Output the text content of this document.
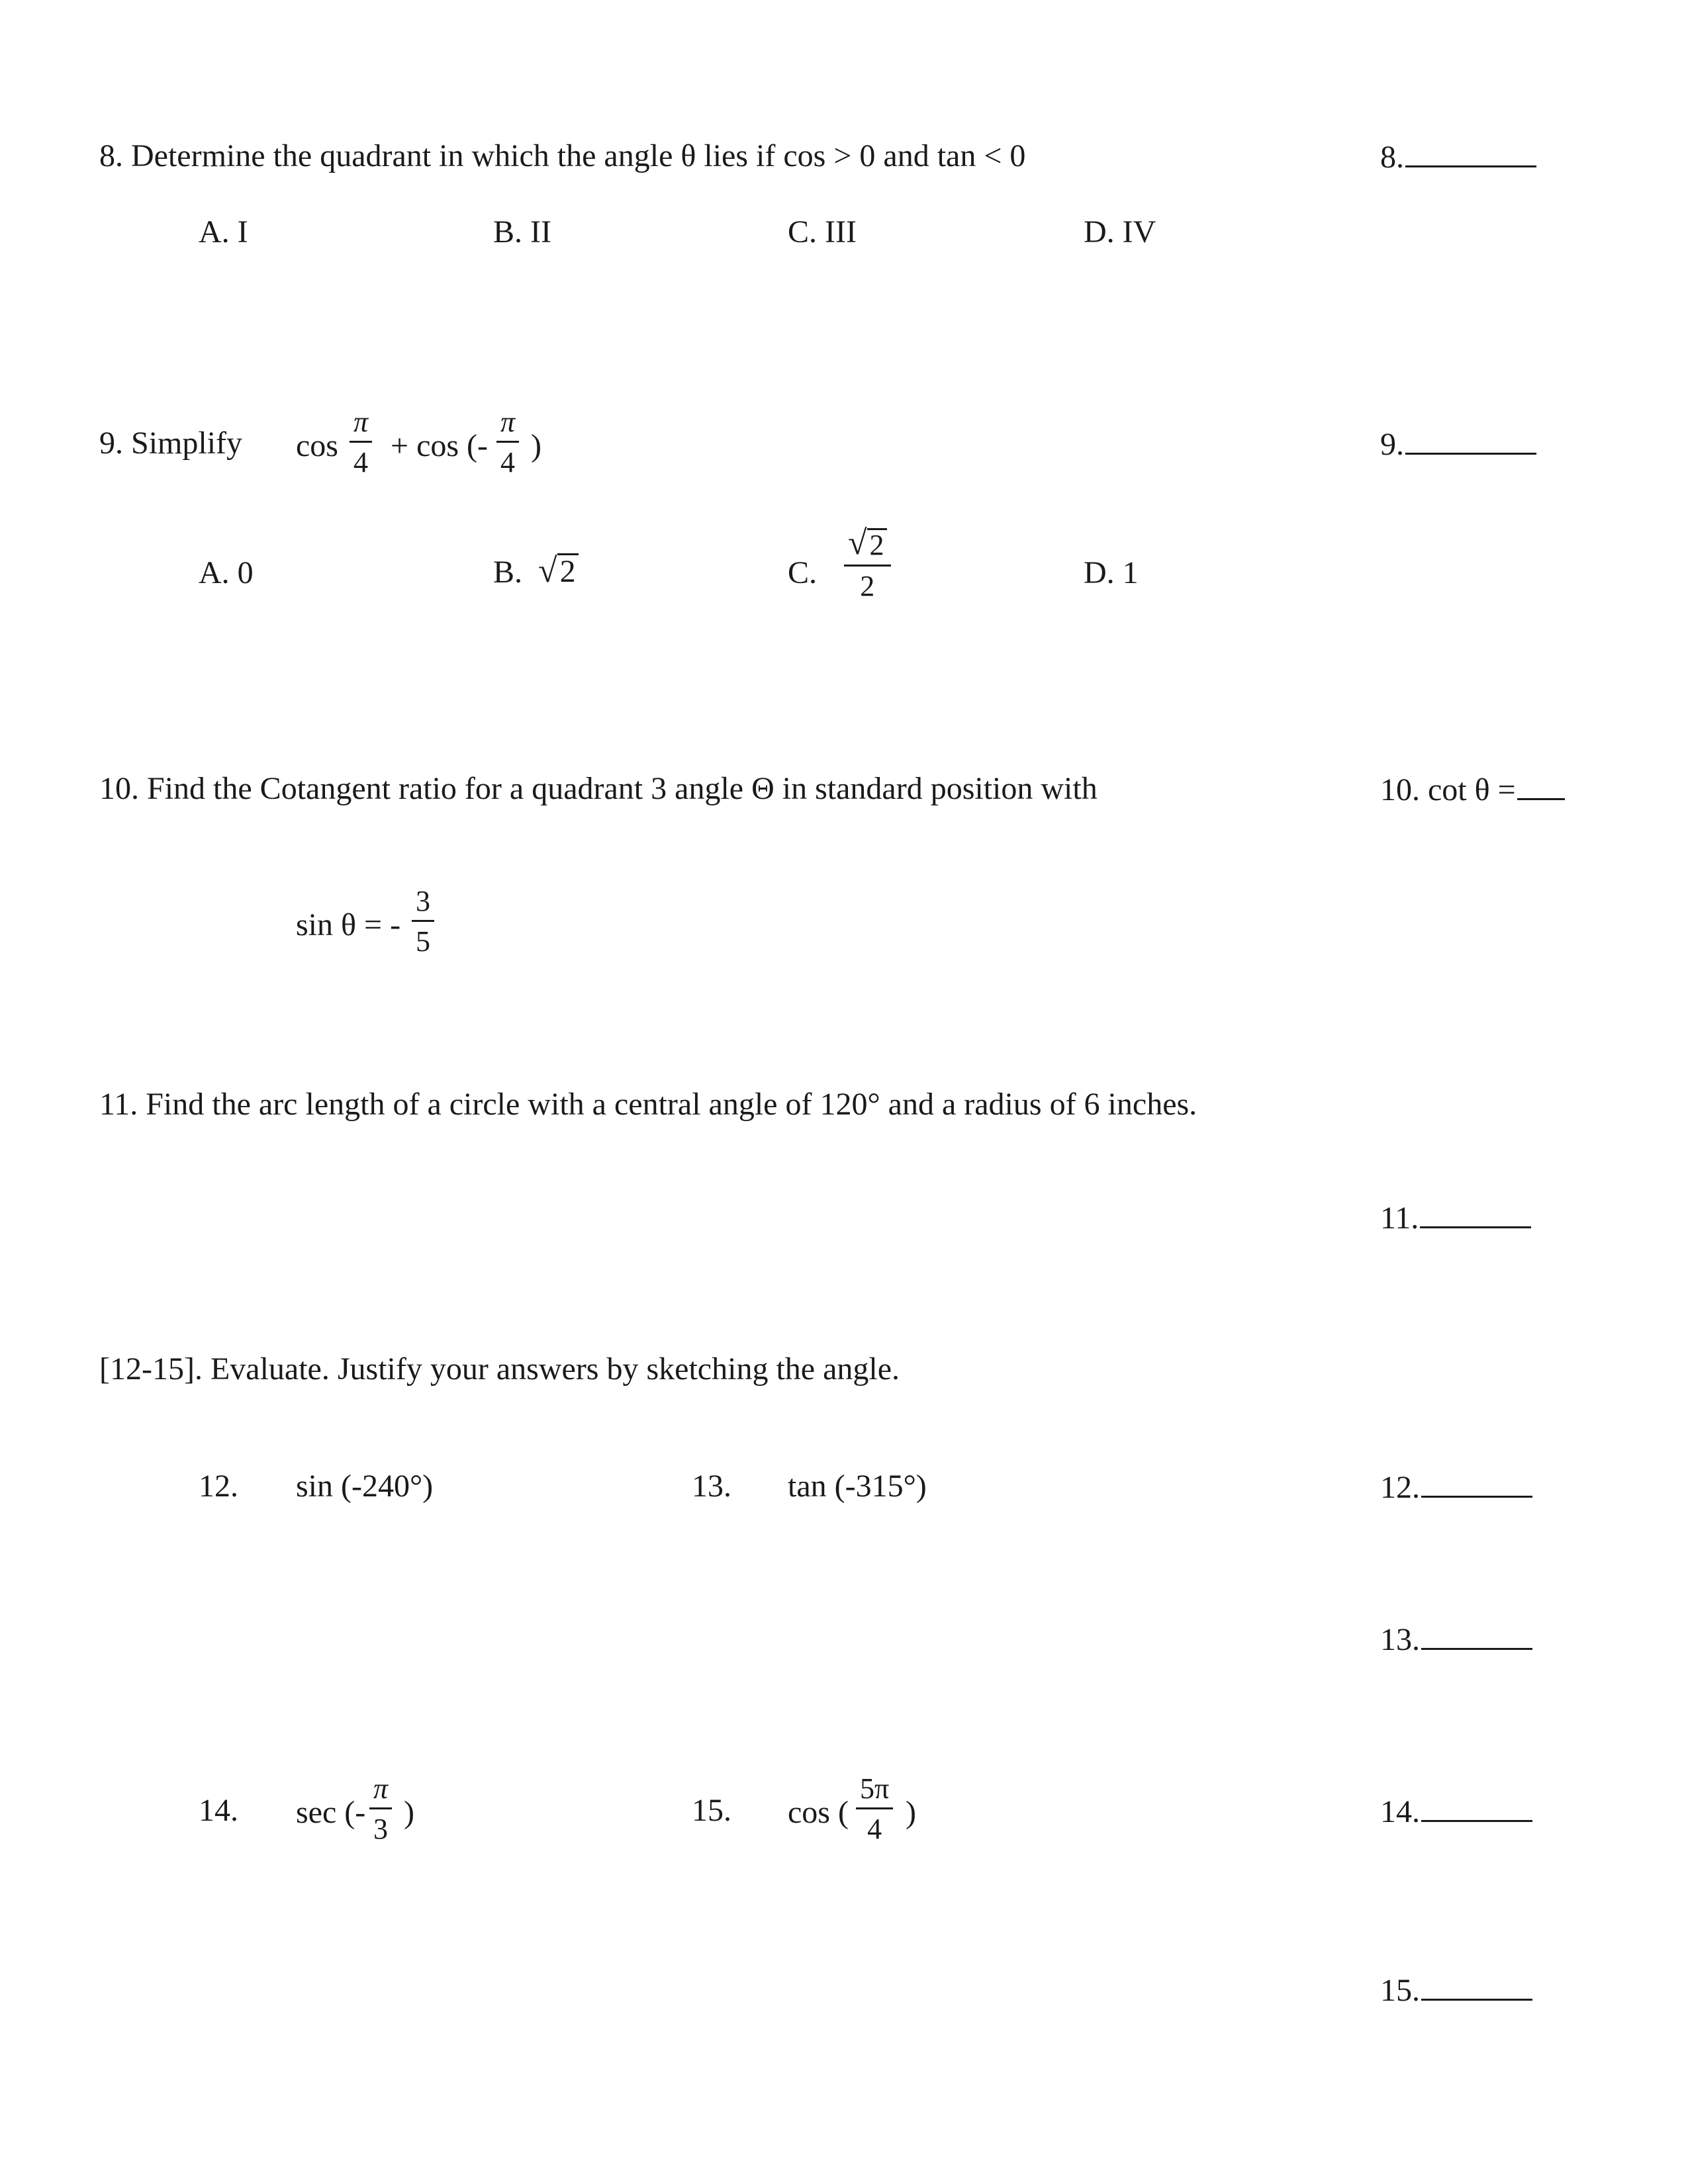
8. Determine the quadrant in which the angle θ lies if cos > 0 and tan < 0	8.
A. I	B. II	C. III	D. IV
9. Simplify cos
π
4 + cos (-
π
4 )	9.
A. 0	B. √ 2	C.
√ 2
2	D. 1
10. Find the Cotangent ratio for a quadrant 3 angle Θ in standard position with	10. cot θ =
sin θ = -
3
5
11. Find the arc length of a circle with a central angle of 120° and a radius of 6 inches.
11.
[12-15]. Evaluate. Justify your answers by sketching the angle.
12. sin (-240°)	13. tan (-315°)	12.
13.
14. sec (-
π
3 )	15. cos (
5π
4 )	14.
15.
